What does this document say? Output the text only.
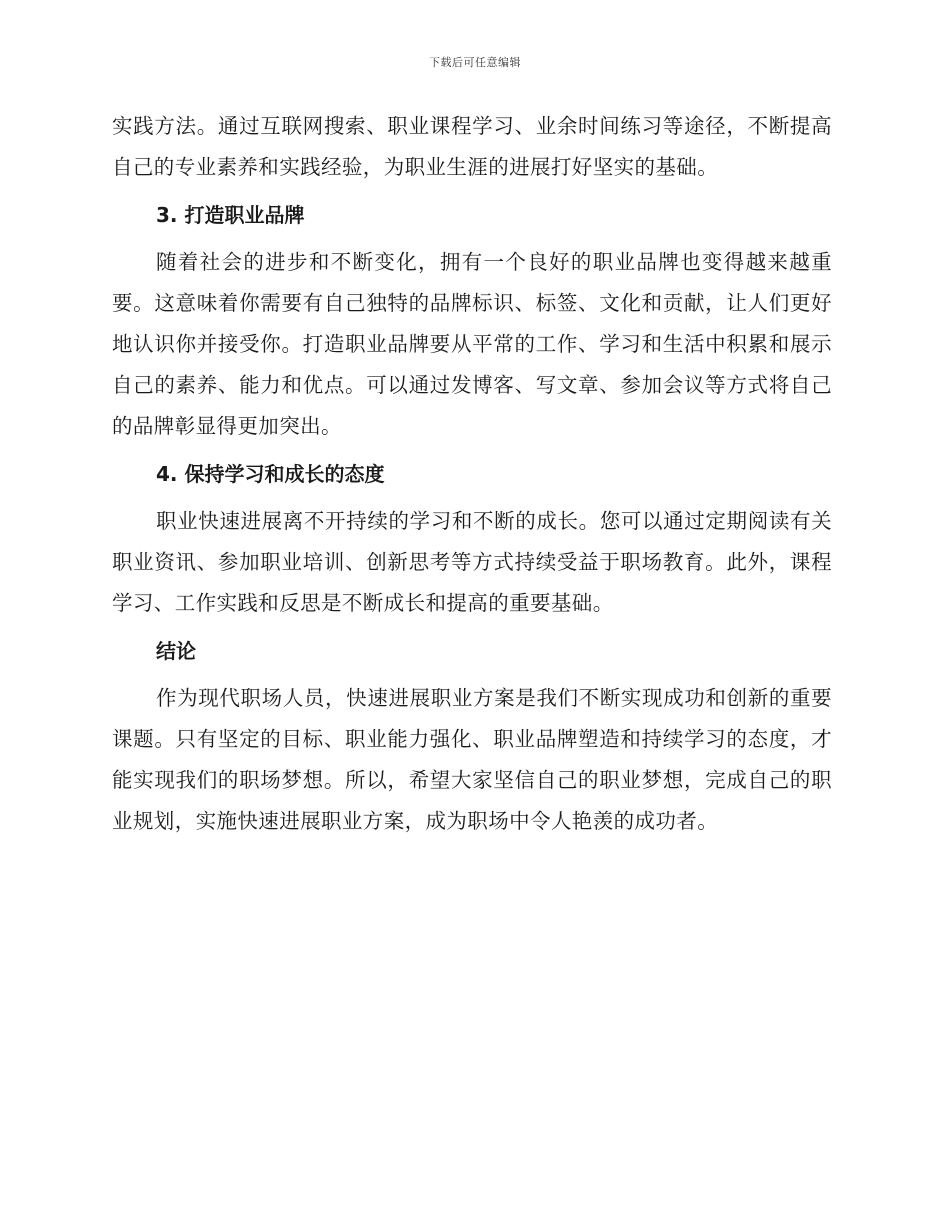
下载后可任意编辑

实践方法。通过互联网搜索、职业课程学习、业余时间练习等途径，不断提高自己的专业素养和实践经验，为职业生涯的进展打好坚实的基础。

3. 打造职业品牌

随着社会的进步和不断变化，拥有一个良好的职业品牌也变得越来越重要。这意味着你需要有自己独特的品牌标识、标签、文化和贡献，让人们更好地认识你并接受你。打造职业品牌要从平常的工作、学习和生活中积累和展示自己的素养、能力和优点。可以通过发博客、写文章、参加会议等方式将自己的品牌彰显得更加突出。

4. 保持学习和成长的态度

职业快速进展离不开持续的学习和不断的成长。您可以通过定期阅读有关职业资讯、参加职业培训、创新思考等方式持续受益于职场教育。此外，课程学习、工作实践和反思是不断成长和提高的重要基础。

结论

作为现代职场人员，快速进展职业方案是我们不断实现成功和创新的重要课题。只有坚定的目标、职业能力强化、职业品牌塑造和持续学习的态度，才能实现我们的职场梦想。所以，希望大家坚信自己的职业梦想，完成自己的职业规划，实施快速进展职业方案，成为职场中令人艳羡的成功者。
